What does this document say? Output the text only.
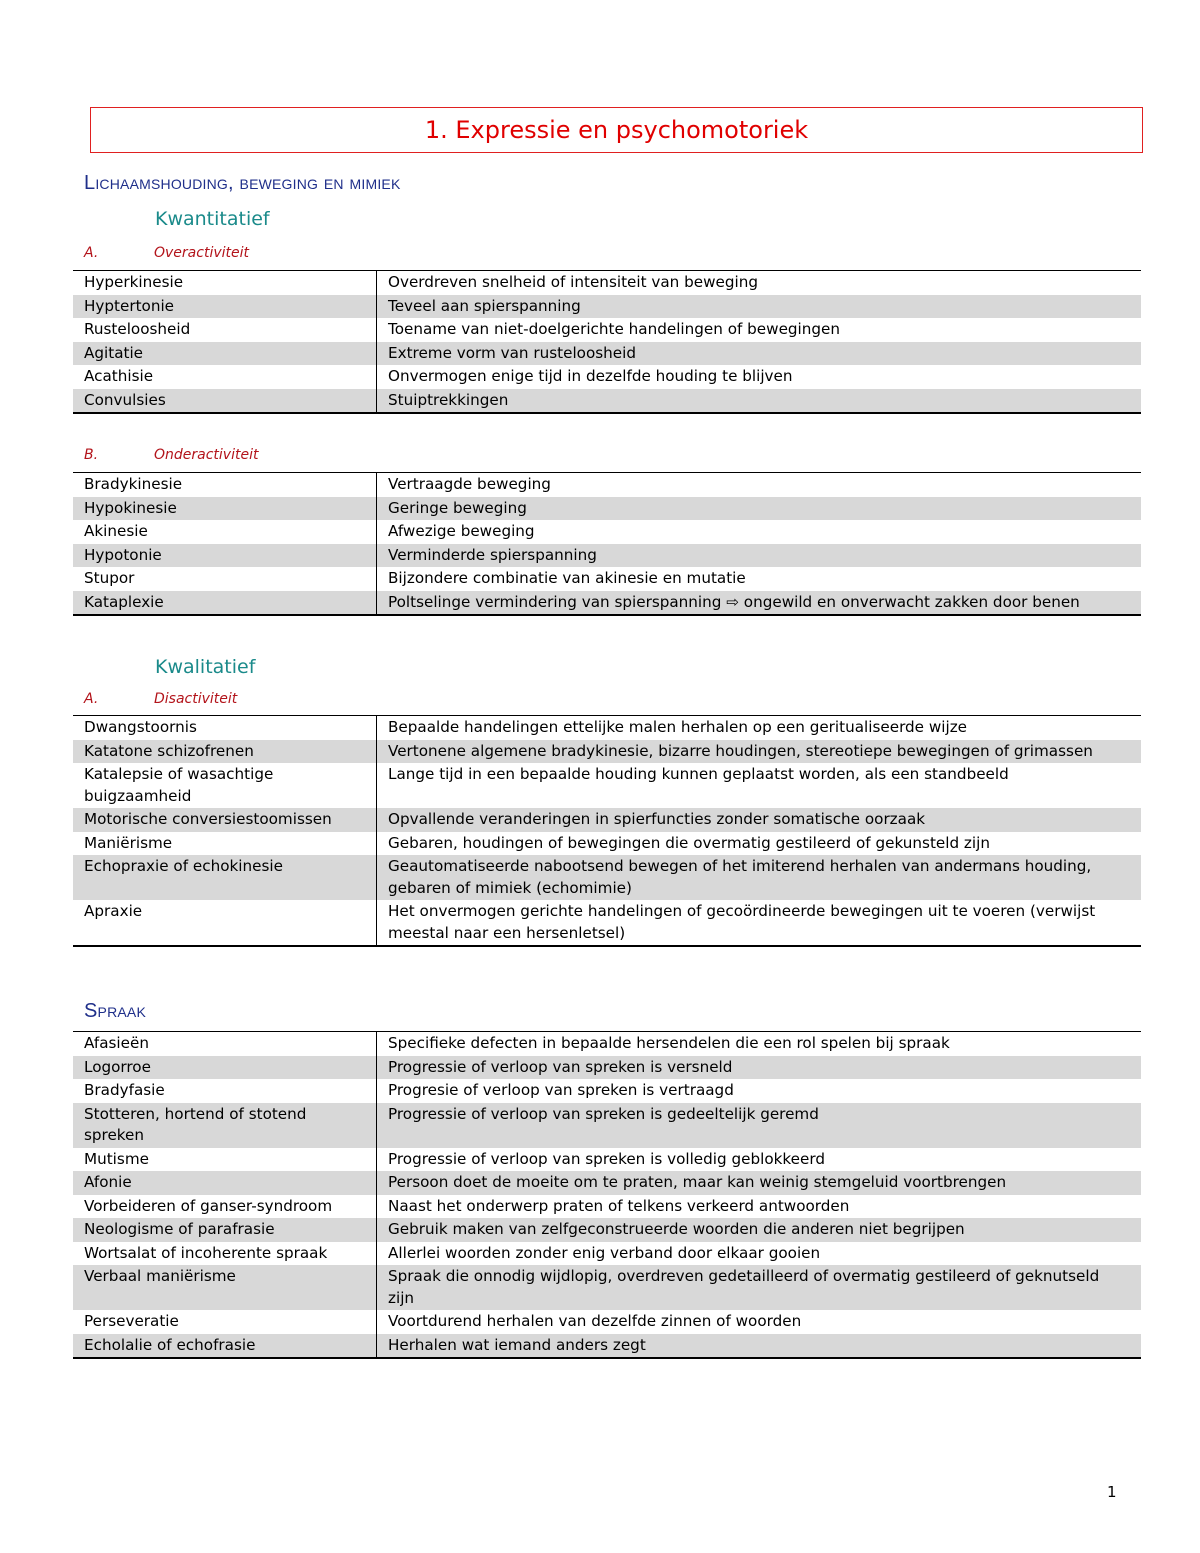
1. Expressie en psychomotoriek
Lichaamshouding, beweging en mimiek
Kwantitatief
A.	Overactiviteit
Hyperkinesie	Overdreven snelheid of intensiteit van beweging
Hyptertonie	Teveel aan spierspanning
Rusteloosheid	Toename van niet-doelgerichte handelingen of bewegingen
Agitatie	Extreme vorm van rusteloosheid
Acathisie	Onvermogen enige tijd in dezelfde houding te blijven
Convulsies	Stuiptrekkingen
B.	Onderactiviteit
Bradykinesie	Vertraagde beweging
Hypokinesie	Geringe beweging
Akinesie	Afwezige beweging
Hypotonie	Verminderde spierspanning
Stupor	Bijzondere combinatie van akinesie en mutatie
Kataplexie	Poltselinge vermindering van spierspanning ⇨ ongewild en onverwacht zakken door benen
Kwalitatief
A.	Disactiviteit
Dwangstoornis	Bepaalde handelingen ettelijke malen herhalen op een geritualiseerde wijze
Katatone schizofrenen	Vertonene algemene bradykinesie, bizarre houdingen, stereotiepe bewegingen of grimassen
Katalepsie of wasachtige buigzaamheid	Lange tijd in een bepaalde houding kunnen geplaatst worden, als een standbeeld
Motorische conversiestoomissen	Opvallende veranderingen in spierfuncties zonder somatische oorzaak
Maniërisme	Gebaren, houdingen of bewegingen die overmatig gestileerd of gekunsteld zijn
Echopraxie of echokinesie	Geautomatiseerde nabootsend bewegen of het imiterend herhalen van andermans houding, gebaren of mimiek (echomimie)
Apraxie	Het onvermogen gerichte handelingen of gecoördineerde bewegingen uit te voeren (verwijst meestal naar een hersenletsel)
Spraak
Afasieën	Specifieke defecten in bepaalde hersendelen die een rol spelen bij spraak
Logorroe	Progressie of verloop van spreken is versneld
Bradyfasie	Progresie of verloop van spreken is vertraagd
Stotteren, hortend of stotend spreken	Progressie of verloop van spreken is gedeeltelijk geremd
Mutisme	Progressie of verloop van spreken is volledig geblokkeerd
Afonie	Persoon doet de moeite om te praten, maar kan weinig stemgeluid voortbrengen
Vorbeideren of ganser-syndroom	Naast het onderwerp praten of telkens verkeerd antwoorden
Neologisme of parafrasie	Gebruik maken van zelfgeconstrueerde woorden die anderen niet begrijpen
Wortsalat of incoherente spraak	Allerlei woorden zonder enig verband door elkaar gooien
Verbaal maniërisme	Spraak die onnodig wijdlopig, overdreven gedetailleerd of overmatig gestileerd of geknutseld zijn
Perseveratie	Voortdurend herhalen van dezelfde zinnen of woorden
Echolalie of echofrasie	Herhalen wat iemand anders zegt
1
